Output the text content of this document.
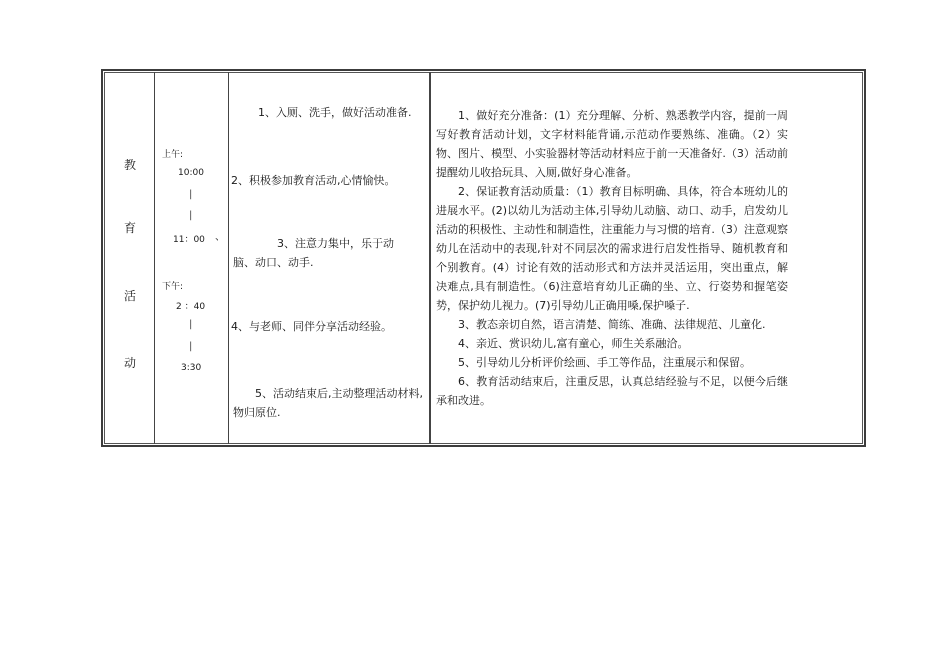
教
育
活
动
上午:
10:00
|
|
11：00
下午:
2 ：40
|
|
3:30
、
1、入厕、洗手，做好活动准备.
2、积极参加教育活动,心情愉快。
3、注意力集中，乐于动脑、动口、动手.
4、与老师、同伴分享活动经验。
5、活动结束后,主动整理活动材料,物归原位.

1、做好充分准备：(1）充分理解、分析、熟悉教学内容，提前一周写好教育活动计划，文字材料能背诵,示范动作要熟练、准确。（2）实物、图片、模型、小实验器材等活动材料应于前一天准备好.（3）活动前提醒幼儿收拾玩具、入厕,做好身心准备。

2、保证教育活动质量：（1）教育目标明确、具体，符合本班幼儿的进展水平。(2)以幼儿为活动主体,引导幼儿动脑、动口、动手，启发幼儿活动的积极性、主动性和制造性，注重能力与习惯的培育.（3）注意观察幼儿在活动中的表现,针对不同层次的需求进行启发性指导、随机教育和个别教育。(4）讨论有效的活动形式和方法并灵活运用，突出重点，解决难点,具有制造性。（6)注意培育幼儿正确的坐、立、行姿势和握笔姿势，保护幼儿视力。(7)引导幼儿正确用嗓,保护嗓子.

3、教态亲切自然，语言清楚、简练、准确、法律规范、儿童化.

4、亲近、赏识幼儿,富有童心，师生关系融洽。

5、引导幼儿分析评价绘画、手工等作品，注重展示和保留。

6、教育活动结束后，注重反思，认真总结经验与不足，以便今后继承和改进。
